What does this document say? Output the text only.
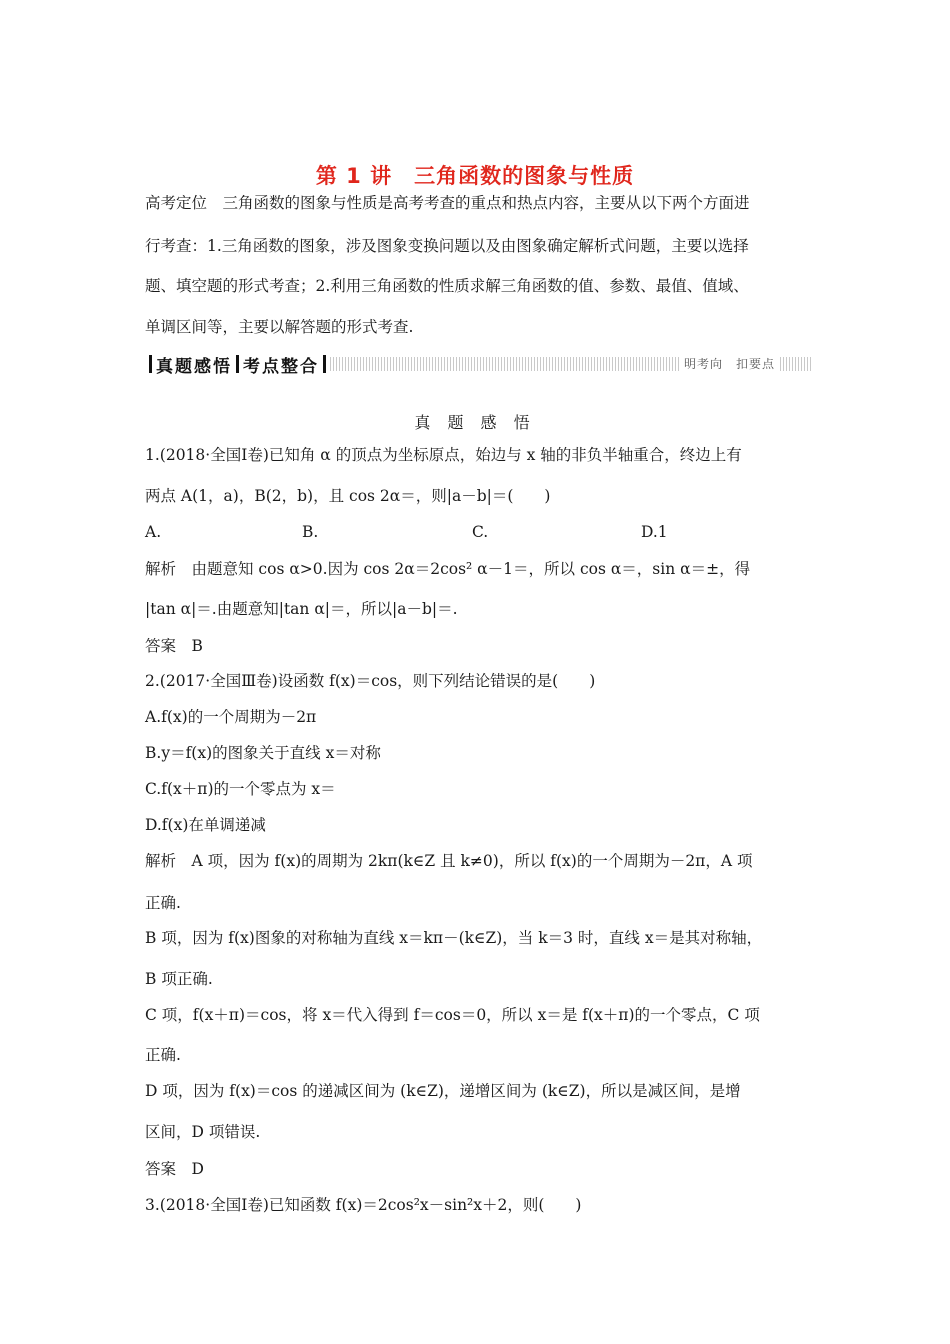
第 1 讲　三角函数的图象与性质
高考定位　三角函数的图象与性质是高考考查的重点和热点内容，主要从以下两个方面进
行考查：1.三角函数的图象，涉及图象变换问题以及由图象确定解析式问题，主要以选择
题、填空题的形式考查；2.利用三角函数的性质求解三角函数的值、参数、最值、值域、
单调区间等，主要以解答题的形式考查.
真题感悟 考点整合	明考向　扣要点
真 题 感 悟
1.(2018·全国Ⅰ卷)已知角 α 的顶点为坐标原点，始边与 x 轴的非负半轴重合，终边上有
两点 A(1，a)，B(2，b)，且 cos 2α＝，则|a－b|＝(　　)
A.	B.	C.	D.1
解析　由题意知 cos α>0.因为 cos 2α＝2cos² α－1＝，所以 cos α＝，sin α＝±，得
|tan α|＝.由题意知|tan α|＝，所以|a－b|＝.
答案　B
2.(2017·全国Ⅲ卷)设函数 f(x)＝cos，则下列结论错误的是(　　)
A.f(x)的一个周期为－2π
B.y＝f(x)的图象关于直线 x＝对称
C.f(x＋π)的一个零点为 x＝
D.f(x)在单调递减
解析　A 项，因为 f(x)的周期为 2kπ(k∈Z 且 k≠0)，所以 f(x)的一个周期为－2π，A 项
正确.
B 项，因为 f(x)图象的对称轴为直线 x＝kπ－(k∈Z)，当 k＝3 时，直线 x＝是其对称轴，
B 项正确.
C 项，f(x＋π)＝cos，将 x＝代入得到 f＝cos＝0，所以 x＝是 f(x＋π)的一个零点，C 项
正确.
D 项，因为 f(x)＝cos 的递减区间为 (k∈Z)，递增区间为 (k∈Z)，所以是减区间，是增
区间，D 项错误.
答案　D
3.(2018·全国Ⅰ卷)已知函数 f(x)＝2cos²x－sin²x＋2，则(　　)
